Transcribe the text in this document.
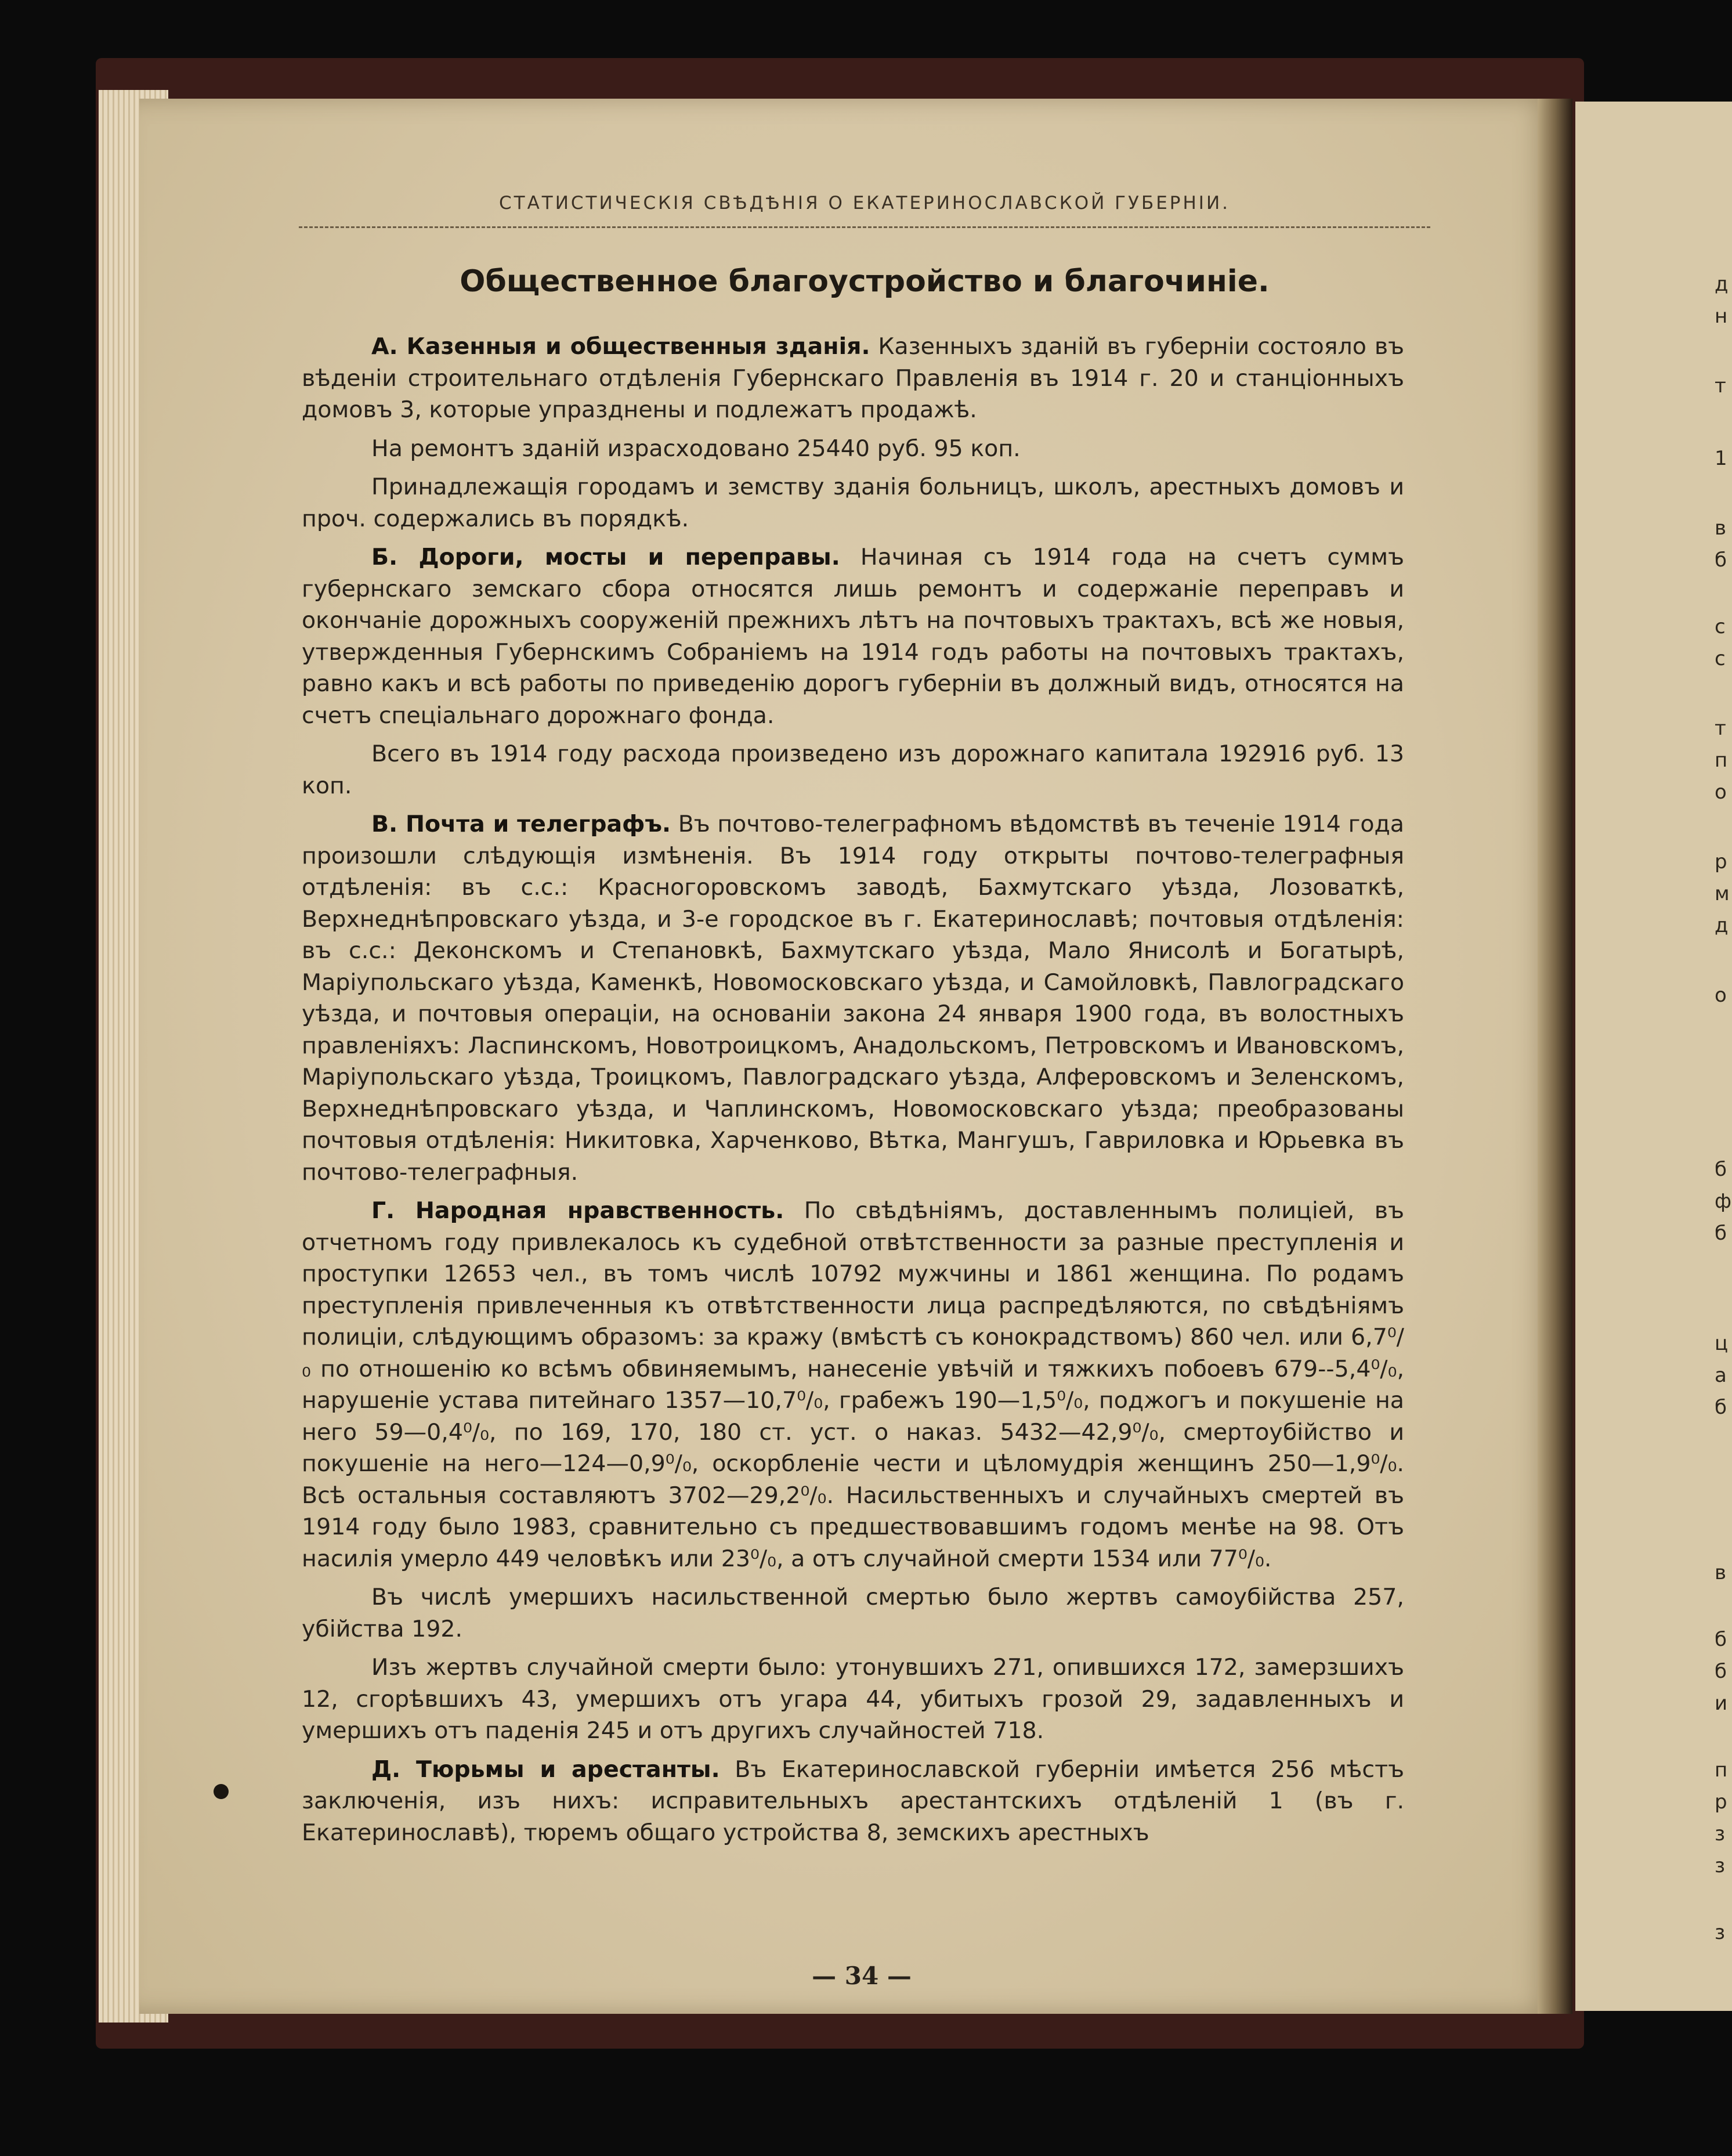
д
н
т
1
в
б
с
с
т
п
о
р
м
д
о
б
ф
б
ц
а
б
в
б
б
и
п
р
з
з
з
СТАТИСТИЧЕСКІЯ СВѢДѢНІЯ О ЕКАТЕРИНОСЛАВСКОЙ ГУБЕРНІИ.
Общественное благоустройство и благочиніе.

А. Казенныя и общественныя зданія. Казенныхъ зданій въ губерніи состояло въ вѣденіи строительнаго отдѣленія Губернскаго Правленія въ 1914 г. 20 и станціонныхъ домовъ 3, которые упразднены и подлежатъ продажѣ.

На ремонтъ зданій израсходовано 25440 руб. 95 коп.

Принадлежащія городамъ и земству зданія больницъ, школъ, арестныхъ домовъ и проч. содержались въ порядкѣ.

Б. Дороги, мосты и переправы. Начиная съ 1914 года на счетъ суммъ губернскаго земскаго сбора относятся лишь ремонтъ и содержаніе переправъ и окончаніе дорожныхъ сооруженій прежнихъ лѣтъ на почтовыхъ трактахъ, всѣ же новыя, утвержденныя Губернскимъ Собраніемъ на 1914 годъ работы на почтовыхъ трактахъ, равно какъ и всѣ работы по приведенію дорогъ губерніи въ должный видъ, относятся на счетъ спеціальнаго дорожнаго фонда.

Всего въ 1914 году расхода произведено изъ дорожнаго капитала 192916 руб. 13 коп.

В. Почта и телеграфъ. Въ почтово-телеграфномъ вѣдомствѣ въ теченіе 1914 года произошли слѣдующія измѣненія. Въ 1914 году открыты почтово-телеграфныя отдѣленія: въ с.с.: Красногоровскомъ заводѣ, Бахмутскаго уѣзда, Лозоваткѣ, Верхнеднѣпровскаго уѣзда, и 3-е городское въ г. Екатеринославѣ; почтовыя отдѣленія: въ с.с.: Деконскомъ и Степановкѣ, Бахмутскаго уѣзда, Мало Янисолѣ и Богатырѣ, Маріупольскаго уѣзда, Каменкѣ, Новомосковскаго уѣзда, и Самойловкѣ, Павлоградскаго уѣзда, и почтовыя операціи, на основаніи закона 24 января 1900 года, въ волостныхъ правленіяхъ: Ласпинскомъ, Новотроицкомъ, Анадольскомъ, Петровскомъ и Ивановскомъ, Маріупольскаго уѣзда, Троицкомъ, Павлоградскаго уѣзда, Алферовскомъ и Зеленскомъ, Верхнеднѣпровскаго уѣзда, и Чаплинскомъ, Новомосковскаго уѣзда; преобразованы почтовыя отдѣленія: Никитовка, Харченково, Вѣтка, Мангушъ, Гавриловка и Юрьевка въ почтово-телеграфныя.

Г. Народная нравственность. По свѣдѣніямъ, доставленнымъ полиціей, въ отчетномъ году привлекалось къ судебной отвѣтственности за разные преступленія и проступки 12653 чел., въ томъ числѣ 10792 мужчины и 1861 женщина. По родамъ преступленія привлеченныя къ отвѣтственности лица распредѣляются, по свѣдѣніямъ полиціи, слѣдующимъ образомъ: за кражу (вмѣстѣ съ конокрадствомъ) 860 чел. или 6,7⁰/₀ по отношенію ко всѣмъ обвиняемымъ, нанесеніе увѣчій и тяжкихъ побоевъ 679--5,4⁰/₀, нарушеніе устава питейнаго 1357—10,7⁰/₀, грабежъ 190—1,5⁰/₀, поджогъ и покушеніе на него 59—0,4⁰/₀, по 169, 170, 180 ст. уст. о наказ. 5432—42,9⁰/₀, смертоубійство и покушеніе на него—124—0,9⁰/₀, оскорбленіе чести и цѣломудрія женщинъ 250—1,9⁰/₀. Всѣ остальныя составляютъ 3702—29,2⁰/₀. Насильственныхъ и случайныхъ смертей въ 1914 году было 1983, сравнительно съ предшествовавшимъ годомъ менѣе на 98. Отъ насилія умерло 449 человѣкъ или 23⁰/₀, а отъ случайной смерти 1534 или 77⁰/₀.

Въ числѣ умершихъ насильственной смертью было жертвъ самоубійства 257, убійства 192.

Изъ жертвъ случайной смерти было: утонувшихъ 271, опившихся 172, замерзшихъ 12, сгорѣвшихъ 43, умершихъ отъ угара 44, убитыхъ грозой 29, задавленныхъ и умершихъ отъ паденія 245 и отъ другихъ случайностей 718.

Д. Тюрьмы и арестанты. Въ Екатеринославской губерніи имѣется 256 мѣстъ заключенія, изъ нихъ: исправительныхъ арестантскихъ отдѣленій 1 (въ г. Екатеринославѣ), тюремъ общаго устройства 8, земскихъ арестныхъ

— 34 —
